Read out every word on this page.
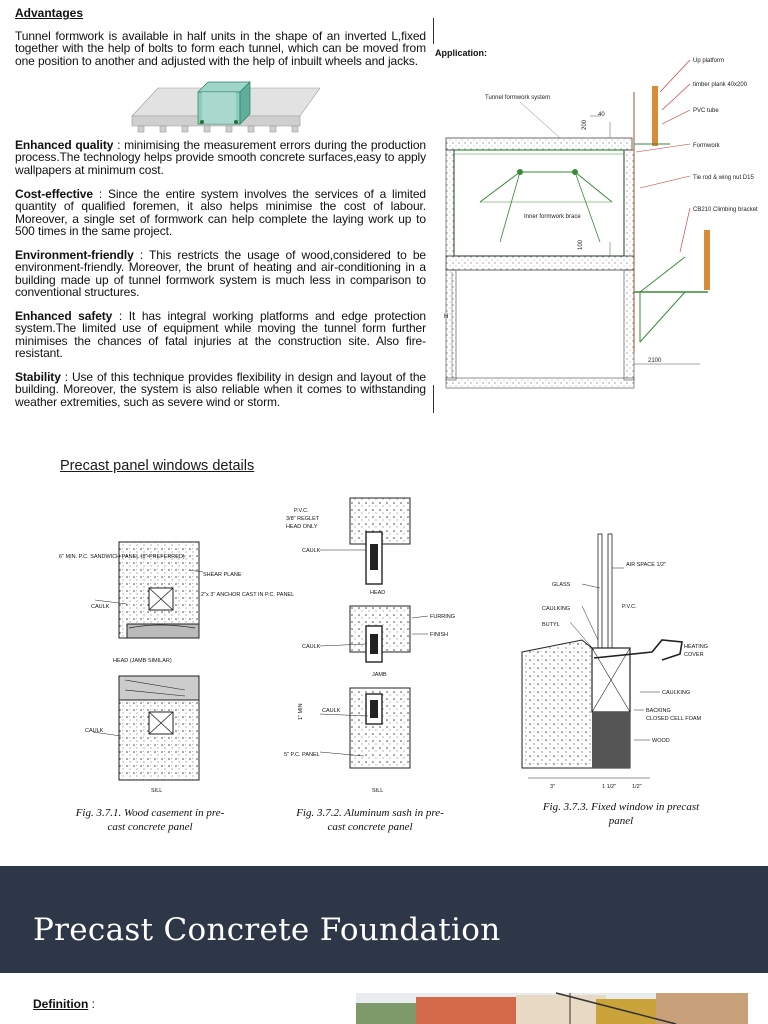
Advantages
Tunnel formwork is available in half units in the shape of an inverted L,fixed together with the help of bolts to form each tunnel, which can be moved from one position to another and adjusted with the help of inbuilt wheels and jacks.
Enhanced quality : minimising the measurement errors during the production process.The technology helps provide smooth concrete surfaces,easy to apply wallpapers at minimum cost.
Cost-effective : Since the entire system involves the services of a limited quantity of qualified foremen, it also helps minimise the cost of labour. Moreover, a single set of formwork can help complete the laying work up to 500 times in the same project.
Environment-friendly : This restricts the usage of wood,considered to be environment-friendly. Moreover, the brunt of heating and air-conditioning in a building made up of tunnel formwork system is much less in comparison to conventional structures.
Enhanced safety : It has integral working platforms and edge protection system.The limited use of equipment while moving the tunnel form further minimises the chances of fatal injuries at the construction site. Also fire-resistant.
Stability : Use of this technique provides flexibility in design and layout of the building. Moreover, the system is also reliable when it comes to withstanding weather extremities, such as severe wind or storm.
Application:
Tunnel formwork system
Up platform
timber plank 40x200
PVC tube
Formwork
Tie rod & wing nut D15
CB210 Climbing bracket
Inner formwork brace
200
40
100
H
2100
Precast panel windows details
6" MIN. P.C. SANDWICH PANEL (8" PREFERRED)
SHEAR PLANE
2"x 3" ANCHOR CAST IN P.C. PANEL
CAULK
HEAD (JAMB SIMILAR)
CAULK
SILL
Fig. 3.7.1. Wood casement in pre-
cast concrete panel
P.V.C.
3/8" REGLET
HEAD ONLY
CAULK
HEAD
FURRING
FINISH
CAULK
JAMB
1" MIN	CAULK
5" P.C. PANEL
SILL
Fig. 3.7.2. Aluminum sash in pre-
cast concrete panel
AIR SPACE 1/2"
GLASS
CAULKING	P.V.C.
BUTYL
HEATING
COVER
CAULKING
BACKING
CLOSED CELL FOAM
WOOD
3"	1 1/2"	1/2"
Fig. 3.7.3. Fixed window in precast
panel
Precast Concrete Foundation
Definition :
